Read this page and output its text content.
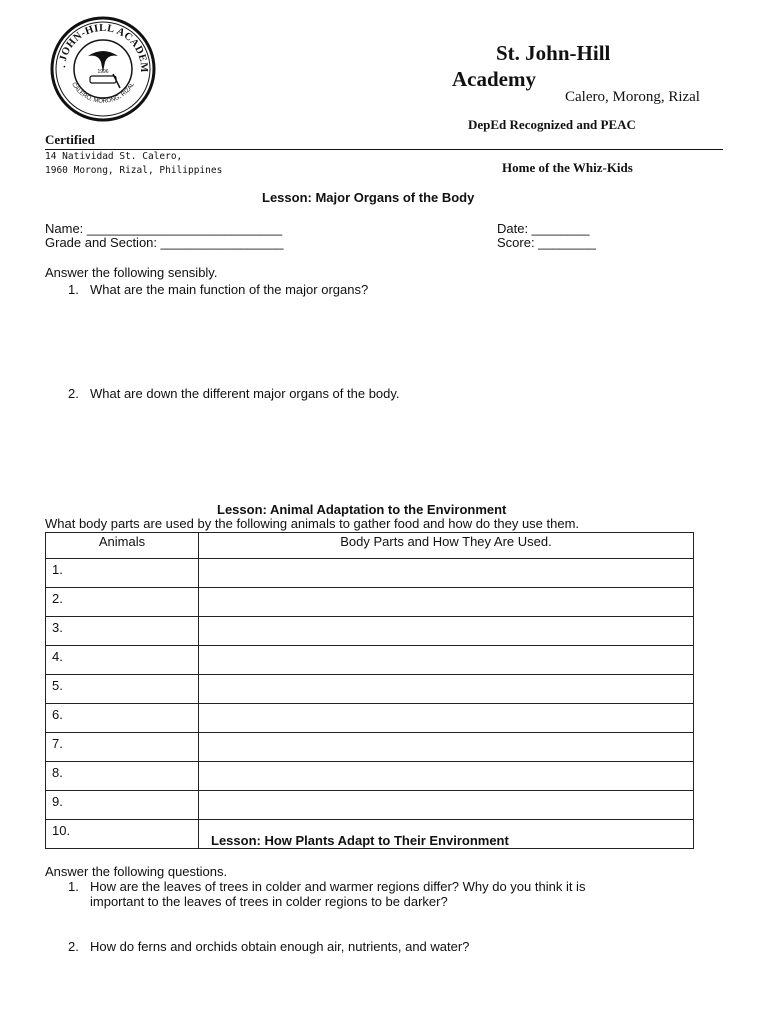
. JOHN-HILL ACADEM
CALERO, MORONG, RIZAL
1996
St. John-Hill
Academy
Calero, Morong, Rizal
DepEd Recognized and PEAC
Certified
14 Natividad St. Calero,
1960 Morong, Rizal, Philippines	Home of the Whiz-Kids
Lesson: Major Organs of the Body
Name: ___________________________	Date: ________
Grade and Section: _________________	Score: ________
Answer the following sensibly.
1. What are the main function of the major organs?
2. What are down the different major organs of the body.
Lesson: Animal Adaptation to the Environment
What body parts are used by the following animals to gather food and how do they use them.
Animals	Body Parts and How They Are Used.
1.	
2.	
3.	
4.	
5.	
6.	
7.	
8.	
9.	
10.	
Lesson: How Plants Adapt to Their Environment
Answer the following questions.
1. How are the leaves of trees in colder and warmer regions differ? Why do you think it is
important to the leaves of trees in colder regions to be darker?
2. How do ferns and orchids obtain enough air, nutrients, and water?
